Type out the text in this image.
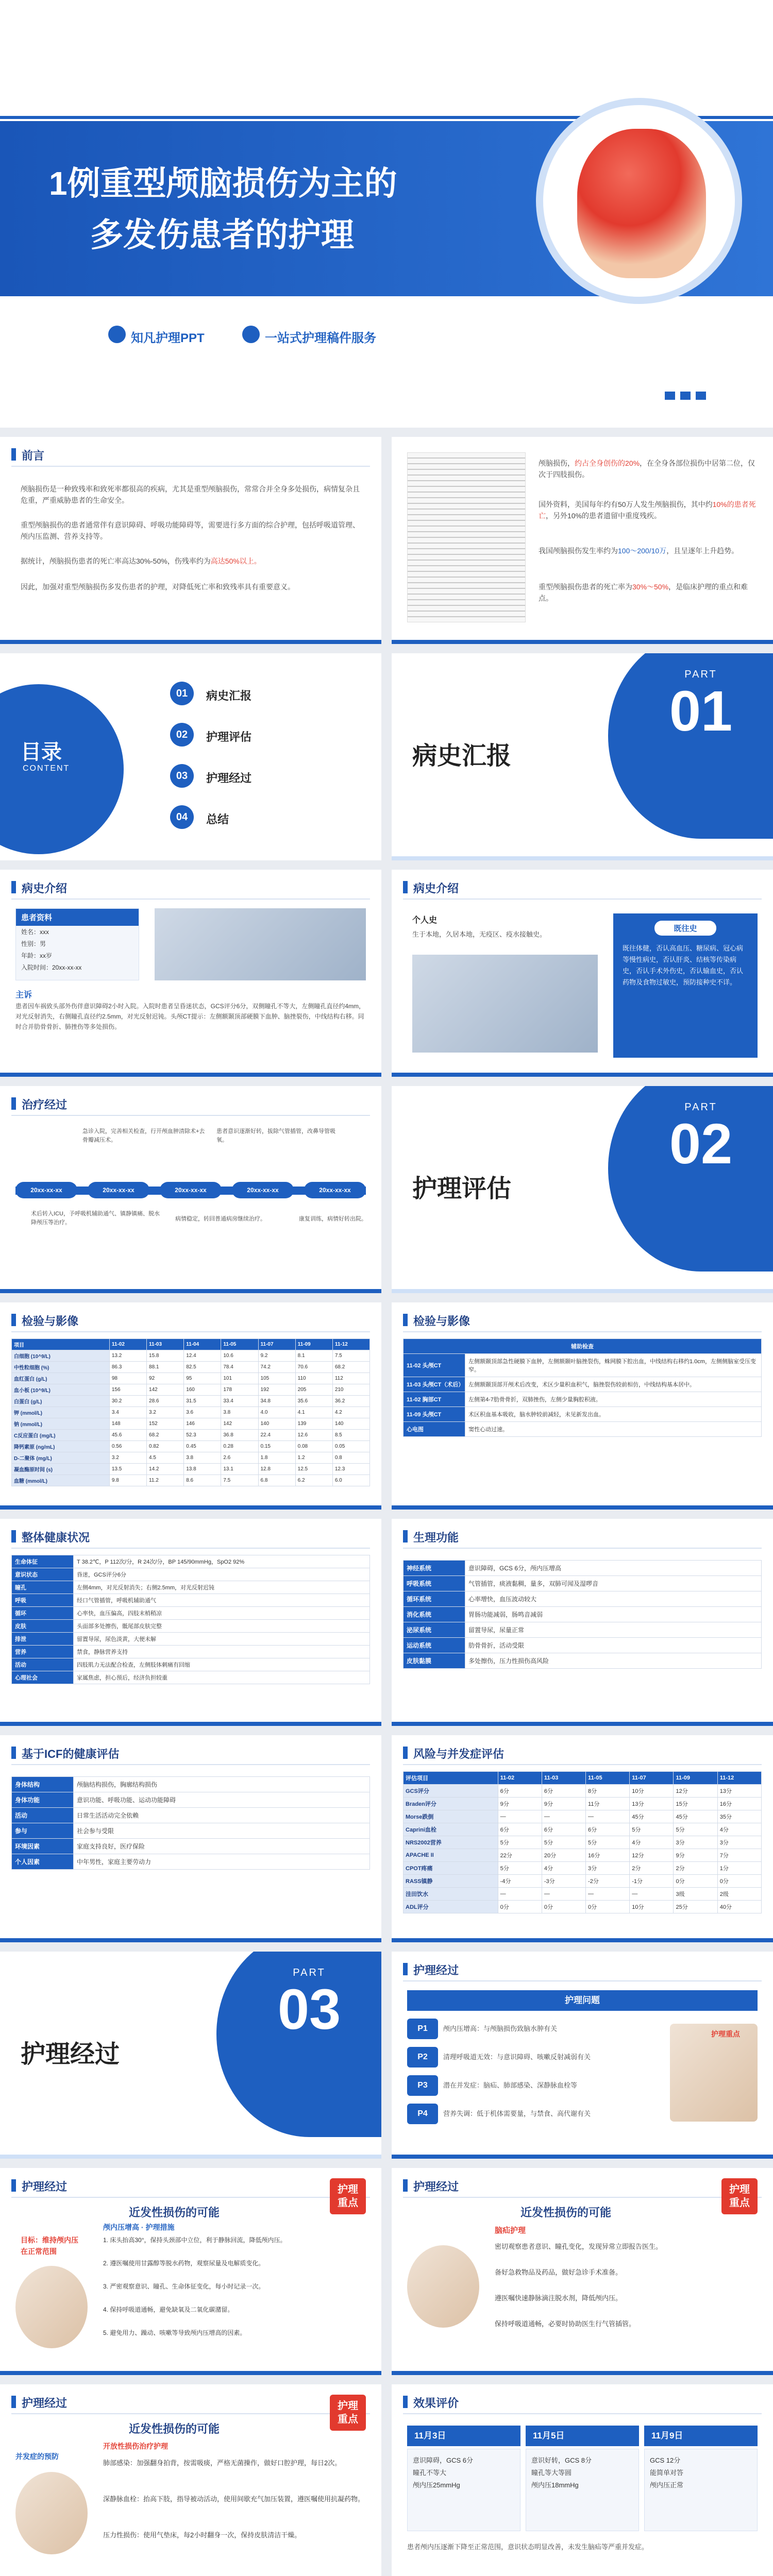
1例重型颅脑损伤为主的
多发伤患者的护理
知凡护理PPT	一站式护理稿件服务
前言
颅脑损伤是一种致残率和致死率都很高的疾病，尤其是重型颅脑损伤，常常合并全身多处损伤，病情复杂且危重，严重威胁患者的生命安全。
重型颅脑损伤的患者通常伴有意识障碍、呼吸功能障碍等，需要进行多方面的综合护理，包括呼吸道管理、颅内压监测、营养支持等。
据统计，颅脑损伤患者的死亡率高达30%-50%，伤残率约为高达50%以上。
因此，加强对重型颅脑损伤多发伤患者的护理，对降低死亡率和致残率具有重要意义。
颅脑损伤，约占全身创伤的20%，在全身各部位损伤中居第二位，仅次于四肢损伤。
国外资料，美国每年约有50万人发生颅脑损伤，其中约10%的患者死亡，另外10%的患者遗留中重度残疾。
我国颅脑损伤发生率约为100～200/10万，且呈逐年上升趋势。
重型颅脑损伤患者的死亡率为30%～50%，是临床护理的重点和难点。
目录
CONTENT
01	病史汇报
02	护理评估
03	护理经过
04	总结
病史汇报
PART
01
病史介绍
患者资料
姓名：xxx
性别：男
年龄：xx岁
入院时间：20xx-xx-xx
主诉
患者因车祸致头部外伤伴意识障碍2小时入院。入院时患者呈昏迷状态，GCS评分6分，双侧瞳孔不等大，左侧瞳孔直径约4mm，对光反射消失，右侧瞳孔直径约2.5mm，对光反射迟钝。头颅CT提示：左侧额颞顶部硬膜下血肿、脑挫裂伤，中线结构右移。同时合并肋骨骨折、肺挫伤等多处损伤。
病史介绍
个人史
生于本地，久居本地，无疫区、疫水接触史。
既往史
既往体健，否认高血压、糖尿病、冠心病等慢性病史，否认肝炎、结核等传染病史，否认手术外伤史，否认输血史，否认药物及食物过敏史，预防接种史不详。
治疗经过
20xx-xx-xx	20xx-xx-xx	20xx-xx-xx	20xx-xx-xx	20xx-xx-xx
急诊入院，完善相关检查，行开颅血肿清除术+去骨瓣减压术。
术后转入ICU，予呼吸机辅助通气、镇静镇痛、脱水降颅压等治疗。
患者意识逐渐好转，拔除气管插管，改鼻导管吸氧。
病情稳定，转回普通病房继续治疗。	康复训练，病情好转出院。
护理评估
PART
02
检验与影像
项目	11-02	11-03	11-04	11-05	11-07	11-09	11-12
白细胞 (10^9/L)	13.2	15.8	12.4	10.6	9.2	8.1	7.5
中性粒细胞 (%)	86.3	88.1	82.5	78.4	74.2	70.6	68.2
血红蛋白 (g/L)	98	92	95	101	105	110	112
血小板 (10^9/L)	156	142	160	178	192	205	210
白蛋白 (g/L)	30.2	28.6	31.5	33.4	34.8	35.6	36.2
钾 (mmol/L)	3.4	3.2	3.6	3.8	4.0	4.1	4.2
钠 (mmol/L)	148	152	146	142	140	139	140
C反应蛋白 (mg/L)	45.6	68.2	52.3	36.8	22.4	12.6	8.5
降钙素原 (ng/mL)	0.56	0.82	0.45	0.28	0.15	0.08	0.05
D-二聚体 (mg/L)	3.2	4.5	3.8	2.6	1.8	1.2	0.8
凝血酶原时间 (s)	13.5	14.2	13.8	13.1	12.8	12.5	12.3
血糖 (mmol/L)	9.8	11.2	8.6	7.5	6.8	6.2	6.0
检验与影像
辅助检查	
11-02 头颅CT	左侧额颞顶部急性硬膜下血肿，左侧额颞叶脑挫裂伤，蛛网膜下腔出血，中线结构右移约1.0cm，左侧侧脑室受压变窄。
11-03 头颅CT（术后）	左侧额颞顶部开颅术后改变，术区少量积血积气，脑挫裂伤较前相仿，中线结构基本居中。
11-02 胸部CT	左侧第4-7肋骨骨折，双肺挫伤，左侧少量胸腔积液。
11-09 头颅CT	术区积血基本吸收，脑水肿较前减轻，未见新发出血。
心电图	窦性心动过速。
整体健康状况
生命体征	T 38.2℃，P 112次/分，R 24次/分，BP 145/90mmHg，SpO2 92%
意识状态	昏迷，GCS评分6分
瞳孔	左侧4mm，对光反射消失；右侧2.5mm，对光反射迟钝
呼吸	经口气管插管，呼吸机辅助通气
循环	心率快，血压偏高，四肢末梢稍凉
皮肤	头面部多处擦伤，骶尾部皮肤完整
排泄	留置导尿，尿色淡黄，大便未解
营养	禁食，静脉营养支持
活动	四肢肌力无法配合检查，左侧肢体刺痛有回缩
心理社会	家属焦虑，担心预后，经济负担较重
生理功能
神经系统	意识障碍，GCS 6分，颅内压增高
呼吸系统	气管插管，痰液黏稠，量多，双肺可闻及湿啰音
循环系统	心率增快，血压波动较大
消化系统	胃肠功能减弱，肠鸣音减弱
泌尿系统	留置导尿，尿量正常
运动系统	肋骨骨折，活动受限
皮肤黏膜	多处擦伤，压力性损伤高风险
基于ICF的健康评估
身体结构	颅脑结构损伤，胸廓结构损伤
身体功能	意识功能、呼吸功能、运动功能障碍
活动	日常生活活动完全依赖
参与	社会参与受限
环境因素	家庭支持良好，医疗保险
个人因素	中年男性，家庭主要劳动力
风险与并发症评估
评估项目	11-02	11-03	11-05	11-07	11-09	11-12
GCS评分	6分	6分	8分	10分	12分	13分
Braden评分	9分	9分	11分	13分	15分	16分
Morse跌倒	—	—	—	45分	45分	35分
Caprini血栓	6分	6分	6分	5分	5分	4分
NRS2002营养	5分	5分	5分	4分	3分	3分
APACHE II	22分	20分	16分	12分	9分	7分
CPOT疼痛	5分	4分	3分	2分	2分	1分
RASS镇静	-4分	-3分	-2分	-1分	0分	0分
洼田饮水	—	—	—	—	3级	2级
ADL评分	0分	0分	0分	10分	25分	40分
护理经过
PART
03
护理经过
护理问题
P1	颅内压增高：与颅脑损伤致脑水肿有关
P2	清理呼吸道无效：与意识障碍、咳嗽反射减弱有关
P3	潜在并发症：脑疝、肺部感染、深静脉血栓等
P4	营养失调：低于机体需要量，与禁食、高代谢有关
护理重点
护理经过
近发性损伤的可能
护理
重点
目标：维持颅内压
在正常范围
颅内压增高 · 护理措施
1. 床头抬高30°，保持头颈部中立位，利于静脉回流，降低颅内压。
2. 遵医嘱使用甘露醇等脱水药物，观察尿量及电解质变化。
3. 严密观察意识、瞳孔、生命体征变化，每小时记录一次。
4. 保持呼吸道通畅，避免缺氧及二氧化碳潴留。
5. 避免用力、躁动、咳嗽等导致颅内压增高的因素。
护理经过
近发性损伤的可能
护理
重点
脑疝护理
密切观察患者意识、瞳孔变化，发现异常立即报告医生。
备好急救物品及药品，做好急诊手术准备。
遵医嘱快速静脉滴注脱水剂，降低颅内压。
保持呼吸道通畅，必要时协助医生行气管插管。
护理经过
近发性损伤的可能
护理
重点
并发症的预防
开放性损伤治疗护理
肺部感染：加强翻身拍背，按需吸痰，严格无菌操作，做好口腔护理，每日2次。
深静脉血栓：抬高下肢，指导被动活动，使用间歇充气加压装置，遵医嘱使用抗凝药物。
压力性损伤：使用气垫床，每2小时翻身一次，保持皮肤清洁干燥。
效果评价
11月3日	11月5日	11月9日
意识障碍，GCS 6分
瞳孔不等大
颅内压25mmHg
意识好转，GCS 8分
瞳孔等大等圆
颅内压18mmHg
GCS 12分
能简单对答
颅内压正常
患者颅内压逐渐下降至正常范围，意识状态明显改善，未发生脑疝等严重并发症。
